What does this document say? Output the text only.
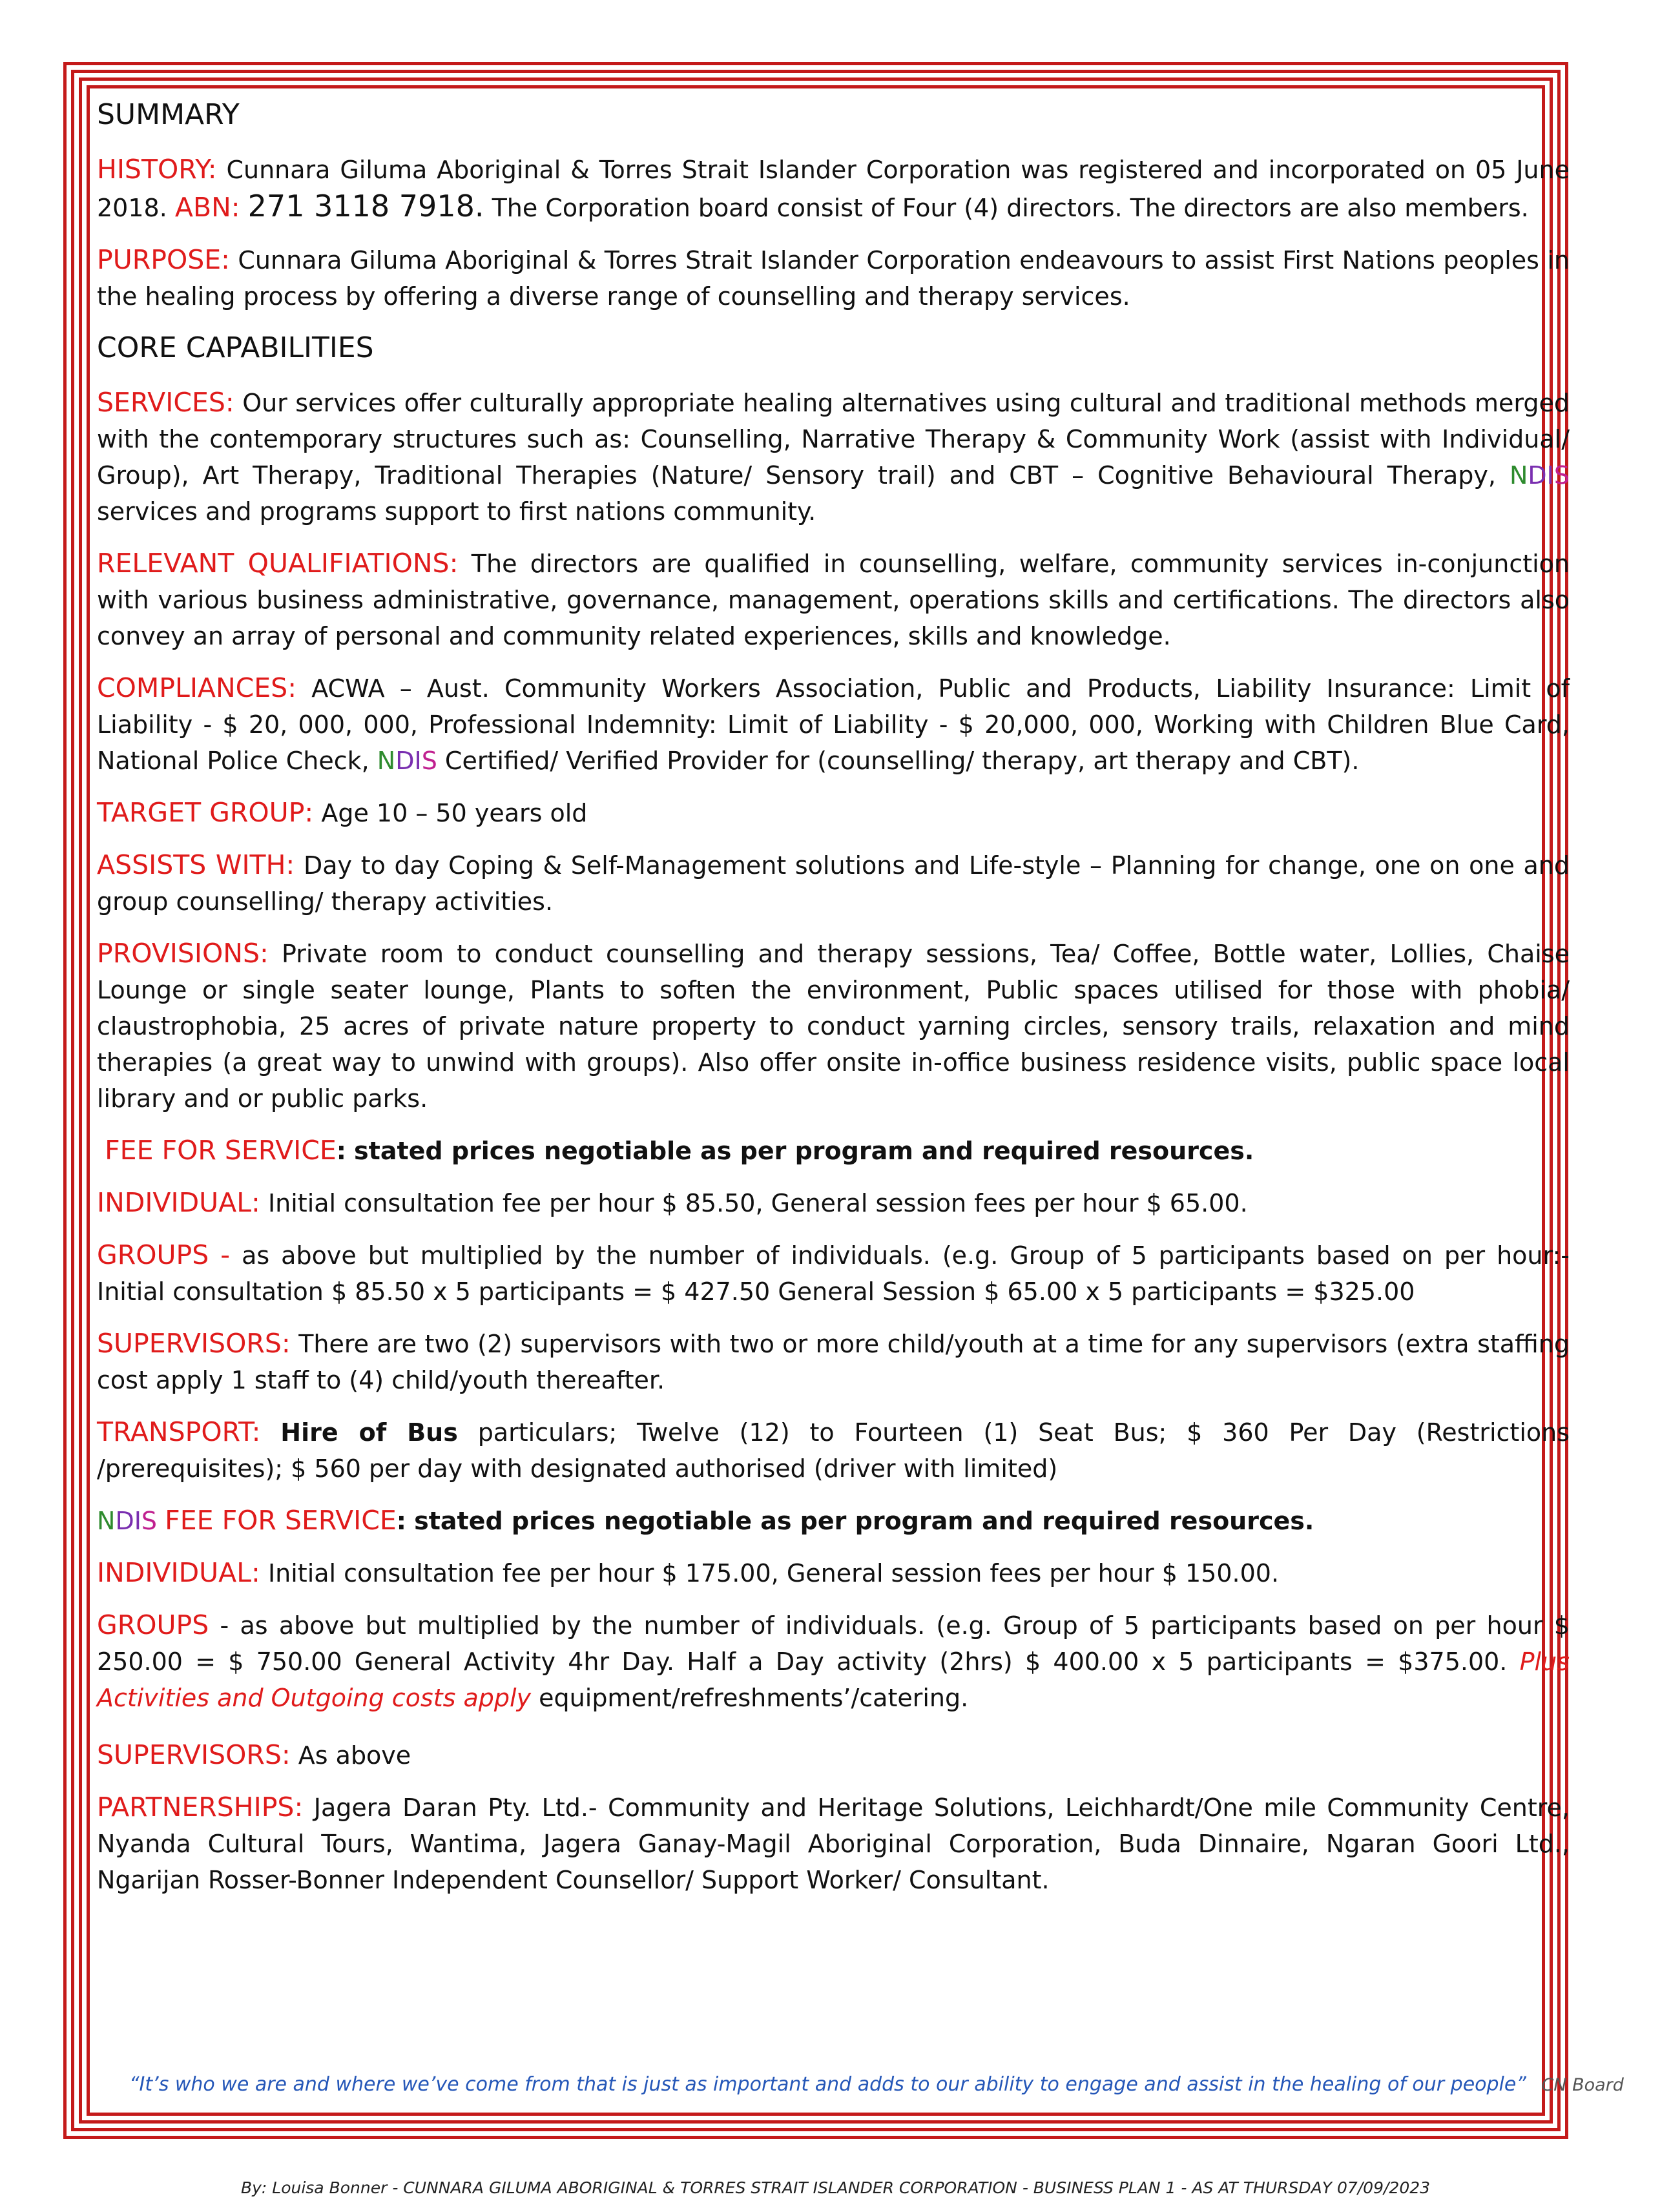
SUMMARY

HISTORY: Cunnara Giluma Aboriginal & Torres Strait Islander Corporation was registered and incorporated on 05 June 2018. ABN: 271 3118 7918. The Corporation board consist of Four (4) directors. The directors are also members.

PURPOSE: Cunnara Giluma Aboriginal & Torres Strait Islander Corporation endeavours to assist First Nations peoples in the healing process by offering a diverse range of counselling and therapy services.

CORE CAPABILITIES

SERVICES: Our services offer culturally appropriate healing alternatives using cultural and traditional methods merged with the contemporary structures such as: Counselling, Narrative Therapy & Community Work (assist with Individual/ Group), Art Therapy, Traditional Therapies (Nature/ Sensory trail) and CBT – Cognitive Behavioural Therapy, NDIS services and programs support to first nations community.

RELEVANT QUALIFIATIONS: The directors are qualified in counselling, welfare, community services in-conjunction with various business administrative, governance, management, operations skills and certifications. The directors also convey an array of personal and community related experiences, skills and knowledge.

COMPLIANCES: ACWA – Aust. Community Workers Association, Public and Products, Liability Insurance: Limit of Liability - $ 20, 000, 000, Professional Indemnity: Limit of Liability - $ 20,000, 000, Working with Children Blue Card, National Police Check, NDIS Certified/ Verified Provider for (counselling/ therapy, art therapy and CBT).

TARGET GROUP: Age 10 – 50 years old

ASSISTS WITH: Day to day Coping & Self-Management solutions and Life-style – Planning for change, one on one and group counselling/ therapy activities.

PROVISIONS: Private room to conduct counselling and therapy sessions, Tea/ Coffee, Bottle water, Lollies, Chaise Lounge or single seater lounge, Plants to soften the environment, Public spaces utilised for those with phobia/ claustrophobia, 25 acres of private nature property to conduct yarning circles, sensory trails, relaxation and mind therapies (a great way to unwind with groups). Also offer onsite in-office business residence visits, public space local library and or public parks.

FEE FOR SERVICE: stated prices negotiable as per program and required resources.

INDIVIDUAL: Initial consultation fee per hour $ 85.50, General session fees per hour $ 65.00.

GROUPS - as above but multiplied by the number of individuals. (e.g. Group of 5 participants based on per hour:- Initial consultation $ 85.50 x 5 participants = $ 427.50 General Session $ 65.00 x 5 participants = $325.00

SUPERVISORS: There are two (2) supervisors with two or more child/youth at a time for any supervisors (extra staffing cost apply 1 staff to (4) child/youth thereafter.

TRANSPORT: Hire of Bus particulars; Twelve (12) to Fourteen (1) Seat Bus; $ 360 Per Day (Restrictions /prerequisites); $ 560 per day with designated authorised (driver with limited)

NDIS FEE FOR SERVICE: stated prices negotiable as per program and required resources.

INDIVIDUAL: Initial consultation fee per hour $ 175.00, General session fees per hour $ 150.00.

GROUPS - as above but multiplied by the number of individuals. (e.g. Group of 5 participants based on per hour $ 250.00 = $ 750.00 General Activity 4hr Day. Half a Day activity (2hrs) $ 400.00 x 5 participants = $375.00. Plus Activities and Outgoing costs apply equipment/refreshments’/catering.

SUPERVISORS: As above

PARTNERSHIPS: Jagera Daran Pty. Ltd.- Community and Heritage Solutions, Leichhardt/One mile Community Centre, Nyanda Cultural Tours, Wantima, Jagera Ganay-Magil Aboriginal Corporation, Buda Dinnaire, Ngaran Goori Ltd., Ngarijan Rosser-Bonner Independent Counsellor/ Support Worker/ Consultant.

“It’s who we are and where we’ve come from that is just as important and adds to our ability to engage and assist in the healing of our people” CN Board
By: Louisa Bonner - CUNNARA GILUMA ABORIGINAL & TORRES STRAIT ISLANDER CORPORATION - BUSINESS PLAN 1 - AS AT THURSDAY 07/09/2023
